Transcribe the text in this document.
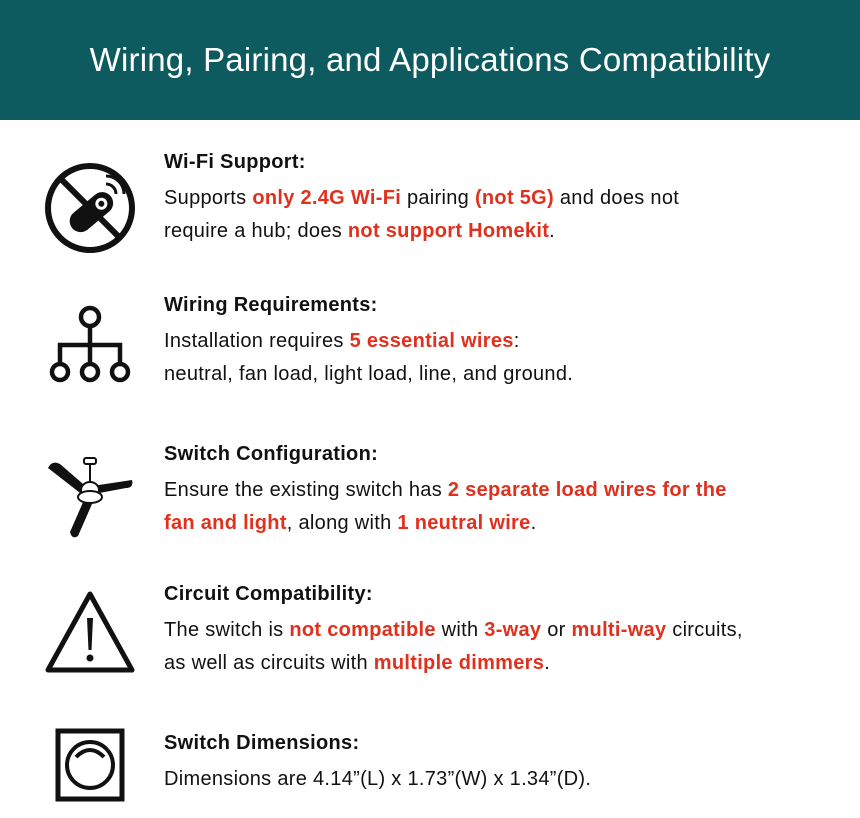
Wiring, Pairing, and Applications Compatibility
Wi-Fi Support:
Supports only 2.4G Wi-Fi pairing (not 5G) and does not
require a hub; does not support Homekit.
Wiring Requirements:
Installation requires 5 essential wires:
neutral, fan load, light load, line, and ground.
Switch Configuration:
Ensure the existing switch has 2 separate load wires for the
fan and light, along with 1 neutral wire.
Circuit Compatibility:
The switch is not compatible with 3-way or multi-way circuits,
as well as circuits with multiple dimmers.
Switch Dimensions:
Dimensions are 4.14”(L) x 1.73”(W) x 1.34”(D).
